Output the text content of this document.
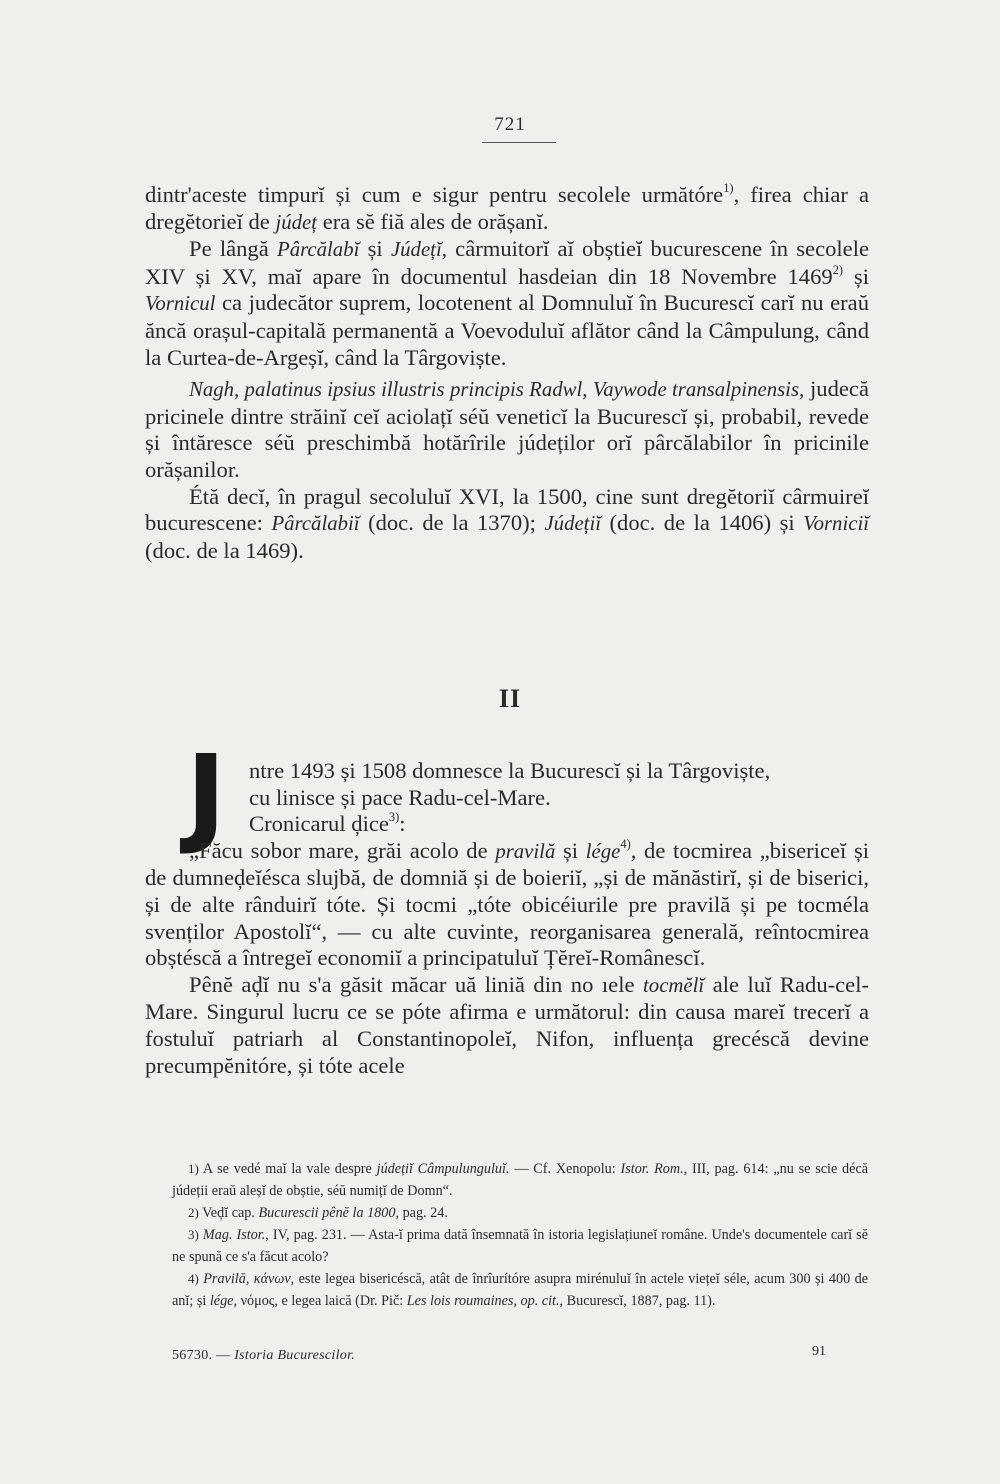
721

dintr'aceste timpurĭ și cum e sigur pentru secolele următóre$^{1)}$, firea chiar a dregĕtorieĭ de júdeț era sĕ fiă ales de orășanĭ.

Pe lângă Pârcălabĭ și Júdețĭ, cârmuitorĭ aĭ obștieĭ bucurescene în secolele XIV și XV, maĭ apare în documentul hasdeian din 18 Novembre 1469$^{2)}$ și Vornicul ca judecător suprem, locotenent al Domnuluĭ în Bucurescĭ carĭ nu eraŭ ăncă orașul-capitală permanentă a Voevoduluĭ aflător când la Câmpulung, când la Curtea-de-Argeșĭ, când la Târgoviște.

Nagh, palatinus ipsius illustris principis Radwl, Vaywode transalpinensis, judecă pricinele dintre străinĭ ceĭ aciolațĭ séŭ veneticĭ la Bucurescĭ și, probabil, revede și întăresce séŭ preschimbă hotărîrile júdeților orĭ pârcălabilor în pricinile orășanilor.

Étă decĭ, în pragul secoluluĭ XVI, la 1500, cine sunt dregĕtoriĭ cârmuireĭ bucurescene: Pârcălabiĭ (doc. de la 1370); Júdețiĭ (doc. de la 1406) și Vorniciĭ (doc. de la 1469).

II
J ntre 1493 și 1508 domnesce la Bucurescĭ și la Târgoviște,

cu linisce și pace Radu-cel-Mare.

Cronicarul ḑice$^{3)}$:

„Făcu sobor mare, grăi acolo de pravilă și lége$^{4)}$, de tocmirea „bisericeĭ și de dumneḑeĭésca slujbă, de domniă și de boieriĭ, „și de mănăstirĭ, și de biserici, și de alte rânduirĭ tóte. Și tocmi „tóte obicéiurile pre pravilă și pe tocméla svenților Apostolĭ“, — cu alte cuvinte, reorganisarea generală, reîntocmirea obștéscă a întregeĭ economiĭ a principatuluĭ Țĕreĭ-Românescĭ.

Pênĕ aḑĭ nu s'a găsit măcar uă liniă din no ıele tocmĕlĭ ale luĭ Radu-cel-Mare. Singurul lucru ce se póte afirma e următorul: din causa mareĭ trecerĭ a fostuluĭ patriarh al Constantinopoleĭ, Nifon, influența grecéscă devine precumpĕnitóre, și tóte acele

1) A se vedé maĭ la vale despre júdețiĭ Câmpulunguluĭ. — Cf. Xenopolu: Istor. Rom., III, pag. 614: „nu se scie décă júdeții eraŭ aleșĭ de obștie, séŭ numițĭ de Domn“.

2) Veḑĭ cap. Bucurescii pênĕ la 1800, pag. 24.

3) Mag. Istor., IV, pag. 231. — Asta-ĭ prima dată însemnată în istoria legislațiuneĭ române. Unde's documentele carĭ sĕ ne spună ce s'a făcut acolo?

4) Pravilă, κάνων, este legea bisericéscă, atât de înrîurítóre asupra mirénuluĭ în actele viețeĭ séle, acum 300 și 400 de anĭ; și lége, νόμος, e legea laică (Dr. Pič: Les lois roumaines, op. cit., Bucurescĭ, 1887, pag. 11).

56730. — Istoria Bucurescilor.	91
